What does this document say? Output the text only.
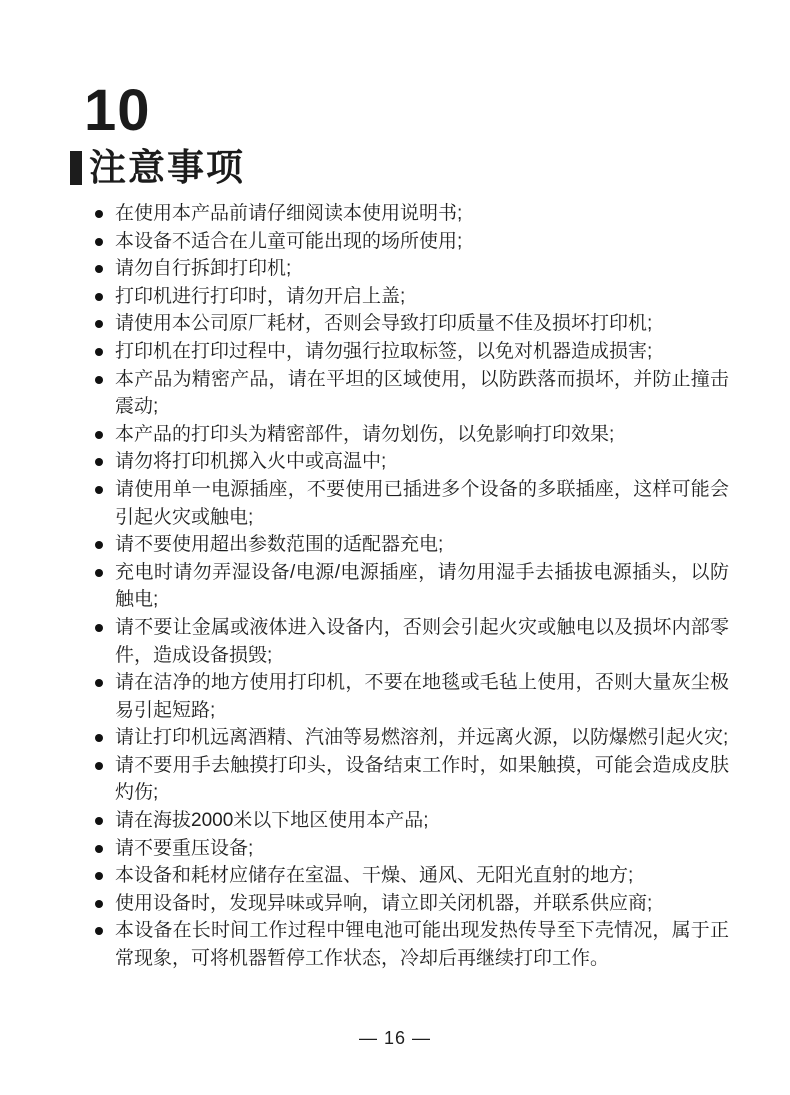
10
注意事项
在使用本产品前请仔细阅读本使用说明书;
本设备不适合在儿童可能出现的场所使用;
请勿自行拆卸打印机;
打印机进行打印时，请勿开启上盖;
请使用本公司原厂耗材，否则会导致打印质量不佳及损坏打印机;
打印机在打印过程中，请勿强行拉取标签，以免对机器造成损害;
本产品为精密产品，请在平坦的区域使用，以防跌落而损坏，并防止撞击震动;
本产品的打印头为精密部件，请勿划伤，以免影响打印效果;
请勿将打印机掷入火中或高温中;
请使用单一电源插座，不要使用已插进多个设备的多联插座，这样可能会引起火灾或触电;
请不要使用超出参数范围的适配器充电;
充电时请勿弄湿设备/电源/电源插座，请勿用湿手去插拔电源插头，以防触电;
请不要让金属或液体进入设备内，否则会引起火灾或触电以及损坏内部零件，造成设备损毁;
请在洁净的地方使用打印机，不要在地毯或毛毡上使用，否则大量灰尘极易引起短路;
请让打印机远离酒精、汽油等易燃溶剂，并远离火源，以防爆燃引起火灾;
请不要用手去触摸打印头，设备结束工作时，如果触摸，可能会造成皮肤灼伤;
请在海拔2000米以下地区使用本产品;
请不要重压设备;
本设备和耗材应储存在室温、干燥、通风、无阳光直射的地方;
使用设备时，发现异味或异响，请立即关闭机器，并联系供应商;
本设备在长时间工作过程中锂电池可能出现发热传导至下壳情况，属于正常现象，可将机器暂停工作状态，冷却后再继续打印工作。
— 16 —
